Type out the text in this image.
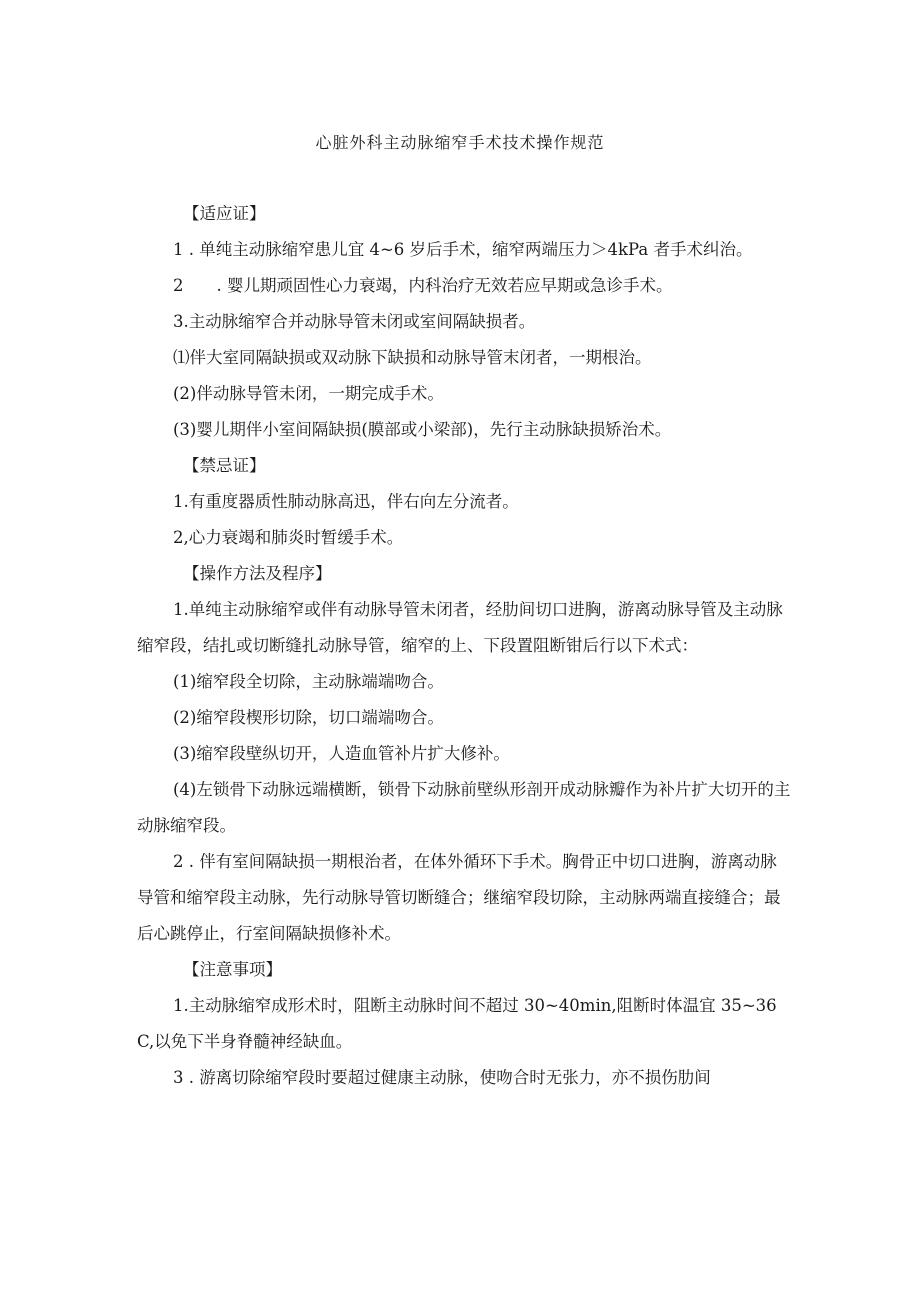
心脏外科主动脉缩窄手术技术操作规范

【适应证】

1 . 单纯主动脉缩窄患儿宜 4~6 岁后手术，缩窄两端压力＞4kPa 者手术纠治。

2　　. 婴儿期顽固性心力衰竭，内科治疗无效若应早期或急诊手术。

3.主动脉缩窄合并动脉导管未闭或室间隔缺损者。

⑴伴大室同隔缺损或双动脉下缺损和动脉导管末闭者，一期根治。

(2)伴动脉导管未闭，一期完成手术。

(3)婴儿期伴小室间隔缺损(膜部或小梁部)，先行主动脉缺损矫治术。

【禁忌证】

1.有重度器质性肺动脉高迅，伴右向左分流者。

2,心力衰竭和肺炎时暂缓手术。

【操作方法及程序】

1.单纯主动脉缩窄或伴有动脉导管未闭者，经肋间切口进胸，游离动脉导管及主动脉缩窄段，结扎或切断缝扎动脉导管，缩窄的上、下段置阻断钳后行以下术式：

(1)缩窄段全切除，主动脉端端吻合。

(2)缩窄段楔形切除，切口端端吻合。

(3)缩窄段壁纵切开，人造血管补片扩大修补。

(4)左锁骨下动脉远端横断，锁骨下动脉前壁纵形剖开成动脉瓣作为补片扩大切开的主动脉缩窄段。

2 . 伴有室间隔缺损一期根治者，在体外循环下手术。胸骨正中切口进胸，游离动脉导管和缩窄段主动脉，先行动脉导管切断缝合；继缩窄段切除，主动脉两端直接缝合；最后心跳停止，行室间隔缺损修补术。

【注意事项】

1.主动脉缩窄成形术时，阻断主动脉时间不超过 30~40min,阻断时体温宜 35~36C,以免下半身脊髓神经缺血。

3 . 游离切除缩窄段时要超过健康主动脉，使吻合时无张力，亦不损伤肋间
